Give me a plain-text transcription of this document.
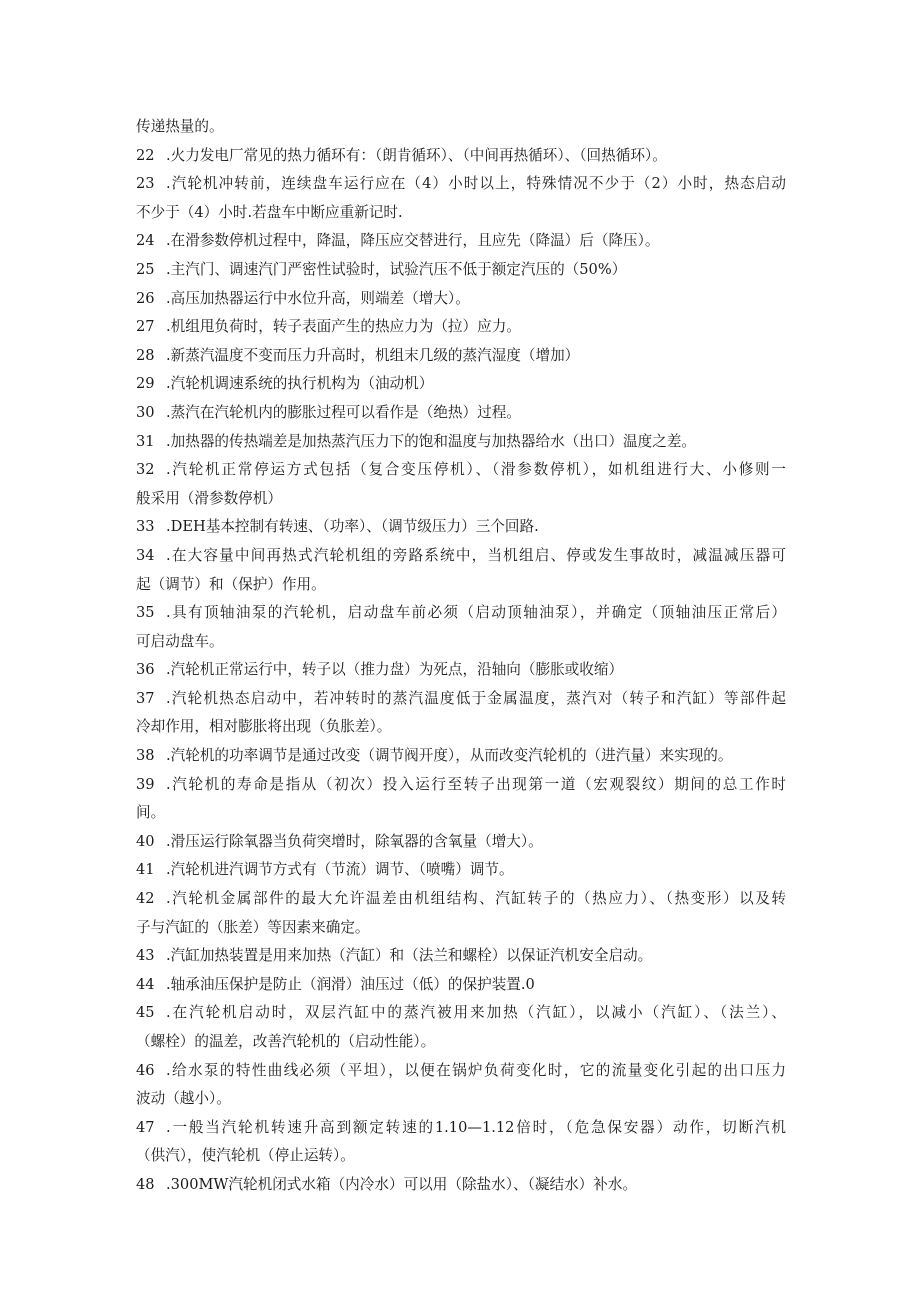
传递热量的。
22 .火力发电厂常见的热力循环有：（朗肯循环）、（中间再热循环）、（回热循环）。
23 .汽轮机冲转前，连续盘车运行应在（4）小时以上，特殊情况不少于（2）小时，热态启动
不少于（4）小时.若盘车中断应重新记时.
24 .在滑参数停机过程中，降温，降压应交替进行，且应先（降温）后（降压）。
25 .主汽门、调速汽门严密性试验时，试验汽压不低于额定汽压的（50%）
26 .高压加热器运行中水位升高，则端差（增大）。
27 .机组甩负荷时，转子表面产生的热应力为（拉）应力。
28 .新蒸汽温度不变而压力升高时，机组末几级的蒸汽湿度（增加）
29 .汽轮机调速系统的执行机构为（油动机）
30 .蒸汽在汽轮机内的膨胀过程可以看作是（绝热）过程。
31 .加热器的传热端差是加热蒸汽压力下的饱和温度与加热器给水（出口）温度之差。
32 .汽轮机正常停运方式包括（复合变压停机）、（滑参数停机），如机组进行大、小修则一
般采用（滑参数停机）
33 .DEH基本控制有转速、（功率）、（调节级压力）三个回路.
34 .在大容量中间再热式汽轮机组的旁路系统中，当机组启、停或发生事故时，减温减压器可
起（调节）和（保护）作用。
35 .具有顶轴油泵的汽轮机，启动盘车前必须（启动顶轴油泵），并确定（顶轴油压正常后）
可启动盘车。
36 .汽轮机正常运行中，转子以（推力盘）为死点，沿轴向（膨胀或收缩）
37 .汽轮机热态启动中，若冲转时的蒸汽温度低于金属温度，蒸汽对（转子和汽缸）等部件起
冷却作用，相对膨胀将出现（负胀差）。
38 .汽轮机的功率调节是通过改变（调节阀开度），从而改变汽轮机的（进汽量）来实现的。
39 .汽轮机的寿命是指从（初次）投入运行至转子出现第一道（宏观裂纹）期间的总工作时
间。
40 .滑压运行除氧器当负荷突增时，除氧器的含氧量（增大）。
41 .汽轮机进汽调节方式有（节流）调节、（喷嘴）调节。
42 .汽轮机金属部件的最大允许温差由机组结构、汽缸转子的（热应力）、（热变形）以及转
子与汽缸的（胀差）等因素来确定。
43 .汽缸加热装置是用来加热（汽缸）和（法兰和螺栓）以保证汽机安全启动。
44 .轴承油压保护是防止（润滑）油压过（低）的保护装置.0
45 .在汽轮机启动时，双层汽缸中的蒸汽被用来加热（汽缸），以减小（汽缸）、（法兰）、
（螺栓）的温差，改善汽轮机的（启动性能）。
46 .给水泵的特性曲线必须（平坦），以便在锅炉负荷变化时，它的流量变化引起的出口压力
波动（越小）。
47 .一般当汽轮机转速升高到额定转速的1.10—1.12倍时，（危急保安器）动作，切断汽机
（供汽），使汽轮机（停止运转）。
48 .300MW汽轮机闭式水箱（内冷水）可以用（除盐水）、（凝结水）补水。
